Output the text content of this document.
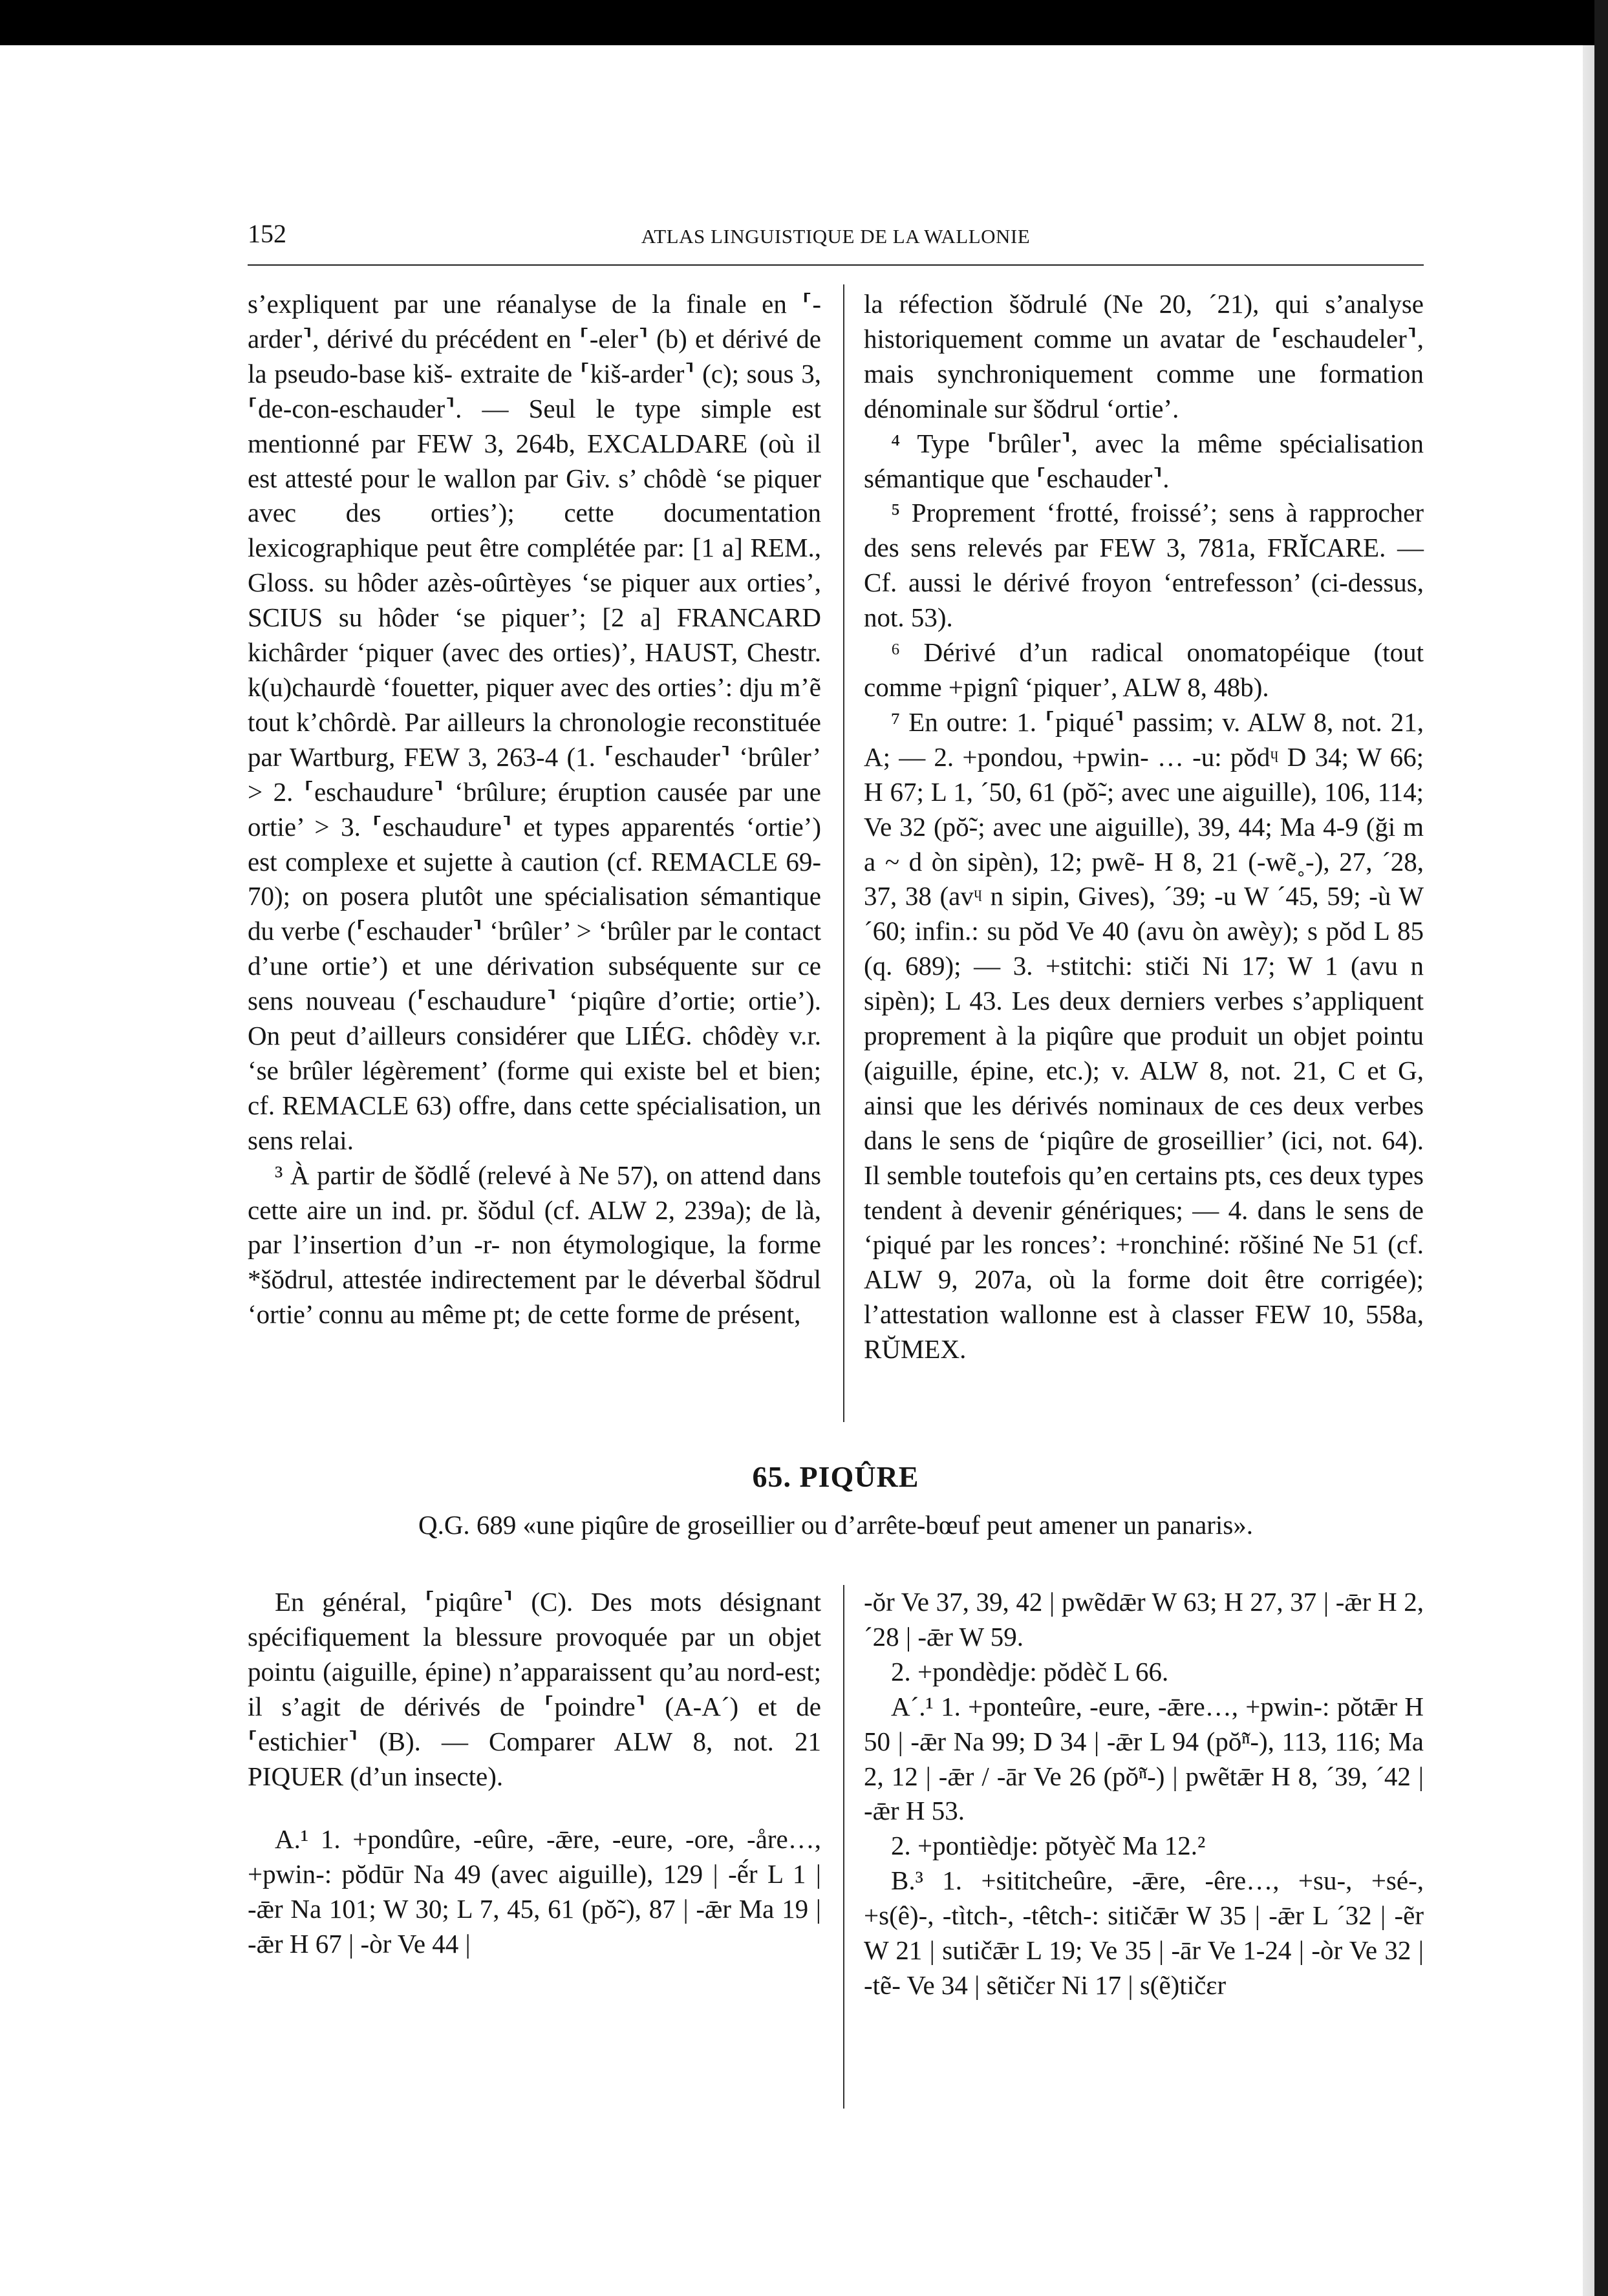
152	ATLAS LINGUISTIQUE DE LA WALLONIE

s’expliquent par une réanalyse de la finale en ⸢-arder⸣, dérivé du précédent en ⸢-eler⸣ (b) et dérivé de la pseudo-base kiš- extraite de ⸢kiš-arder⸣ (c); sous 3, ⸢de-con-eschauder⸣. — Seul le type simple est mentionné par FEW 3, 264b, EXCALDARE (où il est attesté pour le wallon par Giv. s’ chôdè ‘se piquer avec des orties’); cette documentation lexicographique peut être complétée par: [1 a] REM., Gloss. su hôder azès-oûrtèyes ‘se piquer aux orties’, SCIUS su hôder ‘se piquer’; [2 a] FRANCARD kichârder ‘piquer (avec des orties)’, HAUST, Chestr. k(u)chaurdè ‘fouetter, piquer avec des orties’: dju m’ẽ tout k’chôrdè. Par ailleurs la chronologie reconstituée par Wartburg, FEW 3, 263-4 (1. ⸢eschauder⸣ ‘brûler’ > 2. ⸢eschaudure⸣ ‘brûlure; éruption causée par une ortie’ > 3. ⸢eschaudure⸣ et types apparentés ‘ortie’) est complexe et sujette à caution (cf. REMACLE 69-70); on posera plutôt une spécialisation sémantique du verbe (⸢eschauder⸣ ‘brûler’ > ‘brûler par le contact d’une ortie’) et une dérivation subséquente sur ce sens nouveau (⸢eschaudure⸣ ‘piqûre d’ortie; ortie’). On peut d’ailleurs considérer que LIÉG. chôdèy v.r. ‘se brûler légèrement’ (forme qui existe bel et bien; cf. REMACLE 63) offre, dans cette spécialisation, un sens relai.

³ À partir de šŏdlẽ́ (relevé à Ne 57), on attend dans cette aire un ind. pr. šŏdul (cf. ALW 2, 239a); de là, par l’insertion d’un -r- non étymologique, la forme *šŏdrul, attestée indirectement par le déverbal šŏdrul ‘ortie’ connu au même pt; de cette forme de présent,

la réfection šŏdrulé (Ne 20, ´21), qui s’analyse historiquement comme un avatar de ⸢eschaudeler⸣, mais synchroniquement comme une formation dénominale sur šŏdrul ‘ortie’.

⁴ Type ⸢brûler⸣, avec la même spécialisation sémantique que ⸢eschauder⸣.

⁵ Proprement ‘frotté, froissé’; sens à rapprocher des sens relevés par FEW 3, 781a, FRĬCARE. — Cf. aussi le dérivé froyon ‘entrefesson’ (ci-dessus, not. 53).

⁶ Dérivé d’un radical onomatopéique (tout comme +pignî ‘piquer’, ALW 8, 48b).

⁷ En outre: 1. ⸢piqué⸣ passim; v. ALW 8, not. 21, A; — 2. +pondou, +pwin- … -u: pŏdᶣ D 34; W 66; H 67; L 1, ´50, 61 (pŏ̃-; avec une aiguille), 106, 114; Ve 32 (pŏ̃-; avec une aiguille), 39, 44; Ma 4-9 (ği m a ~ d òn sipèn), 12; pwẽ- H 8, 21 (-wẽ˳-), 27, ´28, 37, 38 (avᶣ n sipin, Gives), ´39; -u W ´45, 59; -ù W ´60; infin.: su pŏd Ve 40 (avu òn awèy); s pŏd L 85 (q. 689); — 3. +stitchi: stiči Ni 17; W 1 (avu n sipèn); L 43. Les deux derniers verbes s’appliquent proprement à la piqûre que produit un objet pointu (aiguille, épine, etc.); v. ALW 8, not. 21, C et G, ainsi que les dérivés nominaux de ces deux verbes dans le sens de ‘piqûre de groseillier’ (ici, not. 64). Il semble toutefois qu’en certains pts, ces deux types tendent à devenir génériques; — 4. dans le sens de ‘piqué par les ronces’: +ronchiné: rŏšiné Ne 51 (cf. ALW 9, 207a, où la forme doit être corrigée); l’attestation wallonne est à classer FEW 10, 558a, RŬMEX.

65. PIQÛRE
Q.G. 689 «une piqûre de groseillier ou d’arrête-bœuf peut amener un panaris».

En général, ⸢piqûre⸣ (C). Des mots désignant spécifiquement la blessure provoquée par un objet pointu (aiguille, épine) n’apparaissent qu’au nord-est; il s’agit de dérivés de ⸢poindre⸣ (A-A´) et de ⸢estichier⸣ (B). — Comparer ALW 8, not. 21 PIQUER (d’un insecte).

A.¹ 1. +pondûre, -eûre, -ǣre, -eure, -ore, -åre…, +pwin-: pŏdūr Na 49 (avec aiguille), 129 | -ẽ́r L 1 | -ǣr Na 101; W 30; L 7, 45, 61 (pŏ̃-), 87 | -ǣr Ma 19 | -ǣr H 67 | -òr Ve 44 |

-ŏr Ve 37, 39, 42 | pwẽdǣr W 63; H 27, 37 | -ǣr H 2, ´28 | -ǣr W 59.

2. +pondèdje: pŏdèč L 66.

A´.¹ 1. +ponteûre, -eure, -ǣre…, +pwin-: pŏtǣr H 50 | -ǣr Na 99; D 34 | -ǣr L 94 (pŏ̃ⁿ-), 113, 116; Ma 2, 12 | -ǣr / -ār Ve 26 (pŏ̃ⁿ-) | pwẽtǣr H 8, ´39, ´42 | -ǣr H 53.

2. +pontièdje: pŏtyèč Ma 12.²

B.³ 1. +sititcheûre, -ǣre, -êre…, +su-, +sé-, +s(ê)-, -tìtch-, -têtch-: sitičǣr W 35 | -ǣr L ´32 | -ẽr W 21 | sutičǣr L 19; Ve 35 | -ār Ve 1-24 | -òr Ve 32 | -tẽ- Ve 34 | sẽtičɛr Ni 17 | s(ẽ)tičɛr
